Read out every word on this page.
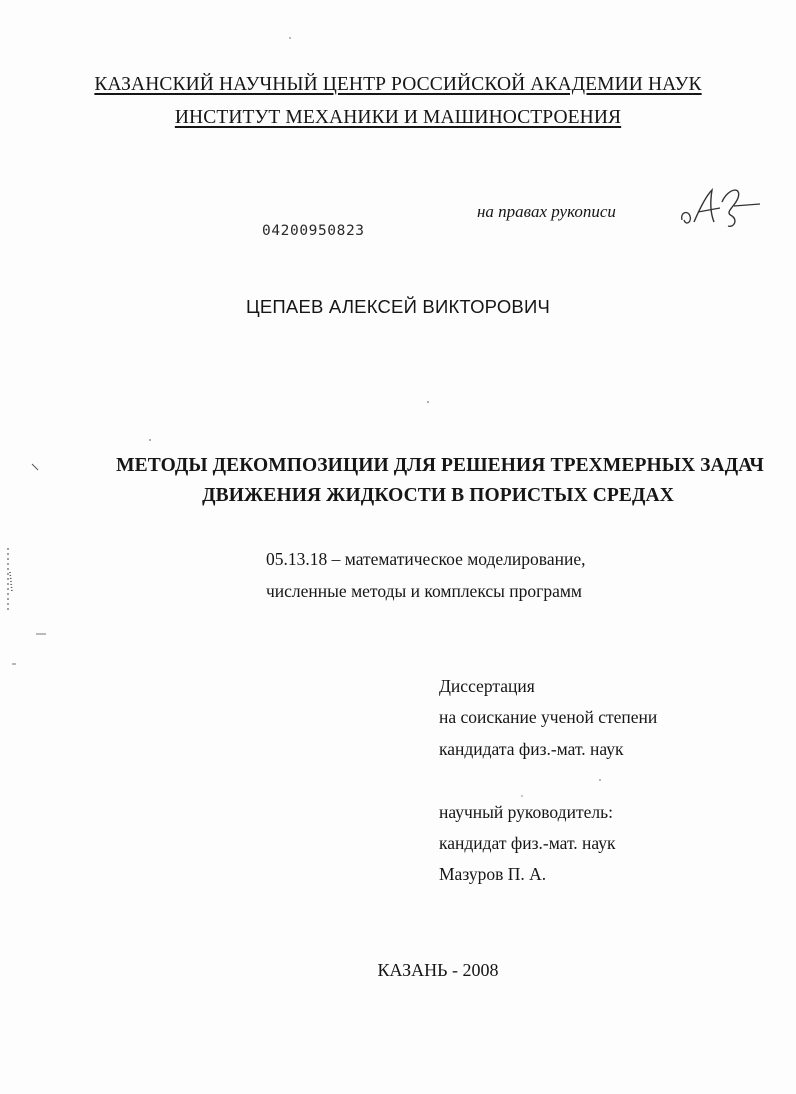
КАЗАНСКИЙ НАУЧНЫЙ ЦЕНТР РОССИЙСКОЙ АКАДЕМИИ НАУК
ИНСТИТУТ МЕХАНИКИ И МАШИНОСТРОЕНИЯ
на правах рукописи
04200950823
ЦЕПАЕВ АЛЕКСЕЙ ВИКТОРОВИЧ
МЕТОДЫ ДЕКОМПОЗИЦИИ ДЛЯ РЕШЕНИЯ ТРЕХМЕРНЫХ ЗАДАЧ
ДВИЖЕНИЯ ЖИДКОСТИ В ПОРИСТЫХ СРЕДАХ
05.13.18 – математическое моделирование,
численные методы и комплексы программ
Диссертация
на соискание ученой степени
кандидата физ.-мат. наук
научный руководитель:
кандидат физ.-мат. наук
Мазуров П. А.
КАЗАНЬ - 2008
